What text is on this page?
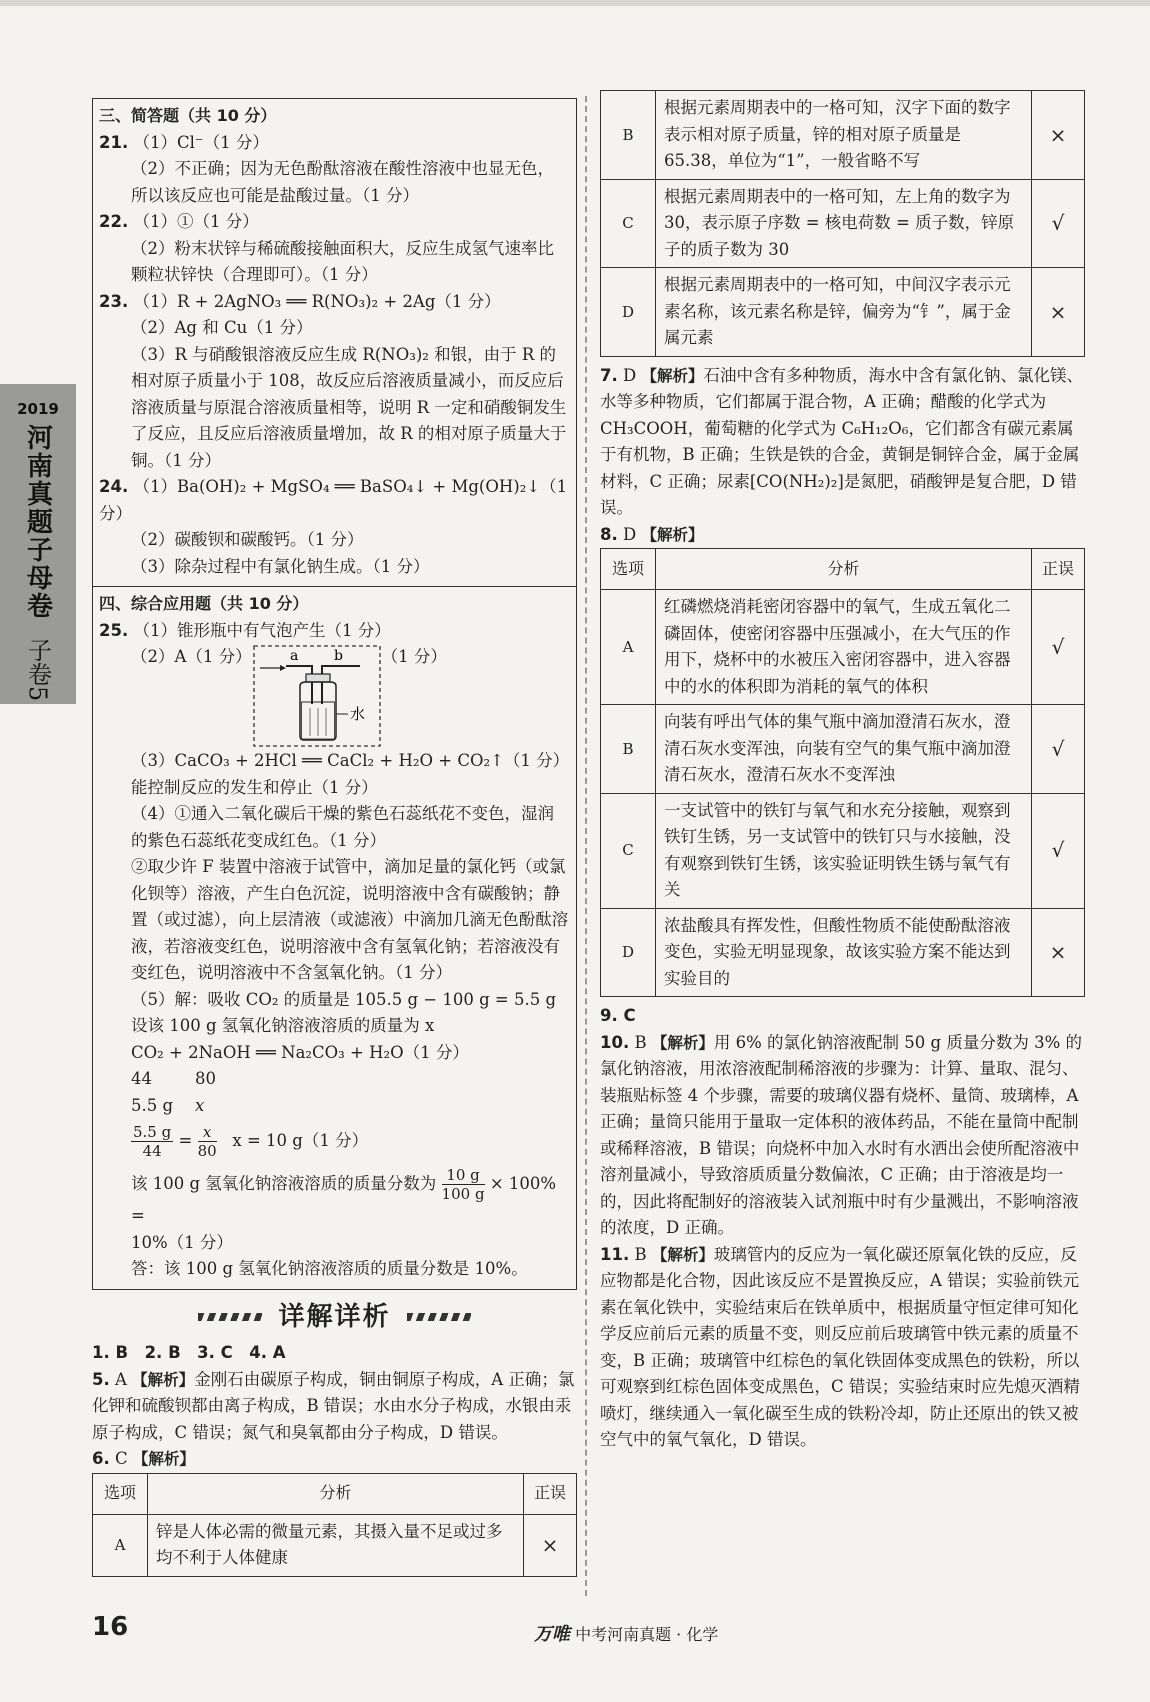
2019
河南真题子母卷
子卷5
三、简答题（共 10 分）
21. （1）Cl⁻（1 分）
（2）不正确；因为无色酚酞溶液在酸性溶液中也显无色，所以该反应也可能是盐酸过量。（1 分）
22. （1）①（1 分）
（2）粉末状锌与稀硫酸接触面积大，反应生成氢气速率比颗粒状锌快（合理即可）。（1 分）
23. （1）R + 2AgNO₃ ══ R(NO₃)₂ + 2Ag（1 分）
（2）Ag 和 Cu（1 分）
（3）R 与硝酸银溶液反应生成 R(NO₃)₂ 和银，由于 R 的相对原子质量小于 108，故反应后溶液质量减小，而反应后溶液质量与原混合溶液质量相等，说明 R 一定和硝酸铜发生了反应，且反应后溶液质量增加，故 R 的相对原子质量大于铜。（1 分）
24. （1）Ba(OH)₂ + MgSO₄ ══ BaSO₄↓ + Mg(OH)₂↓（1 分）
（2）碳酸钡和碳酸钙。（1 分）
（3）除杂过程中有氯化钠生成。（1 分）
四、综合应用题（共 10 分）
25. （1）锥形瓶中有气泡产生（1 分）
（2）A（1 分）	a	b
水
（1 分）
（3）CaCO₃ + 2HCl ══ CaCl₂ + H₂O + CO₂↑（1 分）
能控制反应的发生和停止（1 分）
（4）①通入二氧化碳后干燥的紫色石蕊纸花不变色，湿润的紫色石蕊纸花变成红色。（1 分）
②取少许 F 装置中溶液于试管中，滴加足量的氯化钙（或氯化钡等）溶液，产生白色沉淀，说明溶液中含有碳酸钠；静置（或过滤），向上层清液（或滤液）中滴加几滴无色酚酞溶液，若溶液变红色，说明溶液中含有氢氧化钠；若溶液没有变红色，说明溶液中不含氢氧化钠。（1 分）
（5）解：吸收 CO₂ 的质量是 105.5 g − 100 g = 5.5 g
设该 100 g 氢氧化钠溶液溶质的质量为 x
CO₂ + 2NaOH ══ Na₂CO₃ + H₂O（1 分）
44	80
5.5 g x
$\frac{5.5 g}{44} = \frac{x}{80}$ x = 10 g（1 分）
该 100 g 氢氧化钠溶液溶质的质量分数为 $\frac{10 g}{100 g} \times 100\%$ =
10%（1 分）
答：该 100 g 氢氧化钠溶液溶质的质量分数是 10%。
详解详析
1. B　2. B　3. C　4. A
5. A 【解析】金刚石由碳原子构成，铜由铜原子构成，A 正确；氯化钾和硫酸钡都由离子构成，B 错误；水由水分子构成，水银由汞原子构成，C 错误；氮气和臭氧都由分子构成，D 错误。
6. C 【解析】
选项	分析	正误
A	锌是人体必需的微量元素，其摄入量不足或过多均不利于人体健康	×
B	根据元素周期表中的一格可知，汉字下面的数字表示相对原子质量，锌的相对原子质量是 65.38，单位为“1”，一般省略不写	×
C	根据元素周期表中的一格可知，左上角的数字为 30，表示原子序数 = 核电荷数 = 质子数，锌原子的质子数为 30	√
D	根据元素周期表中的一格可知，中间汉字表示元素名称，该元素名称是锌，偏旁为“钅”，属于金属元素	×
7. D 【解析】石油中含有多种物质，海水中含有氯化钠、氯化镁、水等多种物质，它们都属于混合物，A 正确；醋酸的化学式为 CH₃COOH，葡萄糖的化学式为 C₆H₁₂O₆，它们都含有碳元素属于有机物，B 正确；生铁是铁的合金，黄铜是铜锌合金，属于金属材料，C 正确；尿素[CO(NH₂)₂]是氮肥，硝酸钾是复合肥，D 错误。
8. D 【解析】
选项	分析	正误
A	红磷燃烧消耗密闭容器中的氧气，生成五氧化二磷固体，使密闭容器中压强减小，在大气压的作用下，烧杯中的水被压入密闭容器中，进入容器中的水的体积即为消耗的氧气的体积	√
B	向装有呼出气体的集气瓶中滴加澄清石灰水，澄清石灰水变浑浊，向装有空气的集气瓶中滴加澄清石灰水，澄清石灰水不变浑浊	√
C	一支试管中的铁钉与氧气和水充分接触，观察到铁钉生锈，另一支试管中的铁钉只与水接触，没有观察到铁钉生锈，该实验证明铁生锈与氧气有关	√
D	浓盐酸具有挥发性，但酸性物质不能使酚酞溶液变色，实验无明显现象，故该实验方案不能达到实验目的	×
9. C
10. B 【解析】用 6% 的氯化钠溶液配制 50 g 质量分数为 3% 的氯化钠溶液，用浓溶液配制稀溶液的步骤为：计算、量取、混匀、装瓶贴标签 4 个步骤，需要的玻璃仪器有烧杯、量筒、玻璃棒，A 正确；量筒只能用于量取一定体积的液体药品，不能在量筒中配制或稀释溶液，B 错误；向烧杯中加入水时有水洒出会使所配溶液中溶剂量减小，导致溶质质量分数偏浓，C 正确；由于溶液是均一的，因此将配制好的溶液装入试剂瓶中时有少量溅出，不影响溶液的浓度，D 正确。
11. B 【解析】玻璃管内的反应为一氧化碳还原氧化铁的反应，反应物都是化合物，因此该反应不是置换反应，A 错误；实验前铁元素在氧化铁中，实验结束后在铁单质中，根据质量守恒定律可知化学反应前后元素的质量不变，则反应前后玻璃管中铁元素的质量不变，B 正确；玻璃管中红棕色的氧化铁固体变成黑色的铁粉，所以可观察到红棕色固体变成黑色，C 错误；实验结束时应先熄灭酒精喷灯，继续通入一氧化碳至生成的铁粉冷却，防止还原出的铁又被空气中的氧气氧化，D 错误。
16	万唯 中考河南真题 · 化学
